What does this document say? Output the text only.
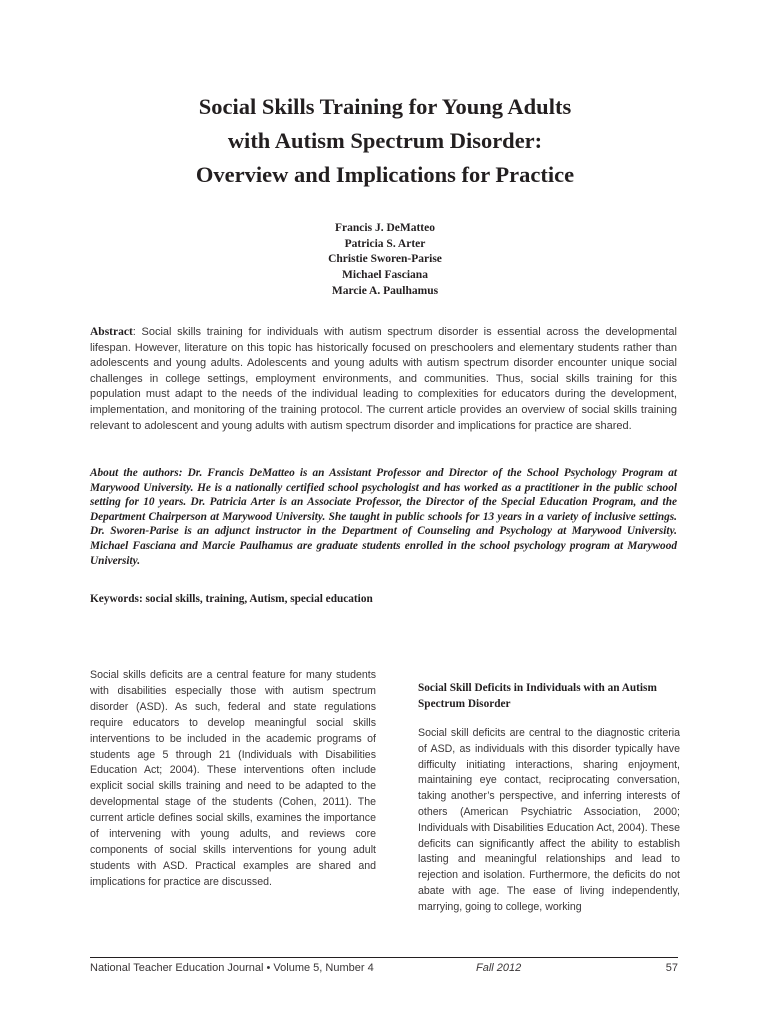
Social Skills Training for Young Adults
with Autism Spectrum Disorder:
Overview and Implications for Practice
Francis J. DeMatteo
Patricia S. Arter
Christie Sworen-Parise
Michael Fasciana
Marcie A. Paulhamus
Abstract: Social skills training for individuals with autism spectrum disorder is essential across the developmental lifespan. However, literature on this topic has historically focused on preschoolers and elementary students rather than adolescents and young adults. Adolescents and young adults with autism spectrum disorder encounter unique social challenges in college settings, employment environments, and communities. Thus, social skills training for this population must adapt to the needs of the individual leading to complexities for educators during the development, implementation, and monitoring of the training protocol. The current article provides an overview of social skills training relevant to adolescent and young adults with autism spectrum disorder and implications for practice are shared.
About the authors: Dr. Francis DeMatteo is an Assistant Professor and Director of the School Psychology Program at Marywood University. He is a nationally certified school psychologist and has worked as a practitioner in the public school setting for 10 years. Dr. Patricia Arter is an Associate Professor, the Director of the Special Education Program, and the Department Chairperson at Marywood University. She taught in public schools for 13 years in a variety of inclusive settings. Dr. Sworen-Parise is an adjunct instructor in the Department of Counseling and Psychology at Marywood University. Michael Fasciana and Marcie Paulhamus are graduate students enrolled in the school psychology program at Marywood University.
Keywords: social skills, training, Autism, special education
Social skills deficits are a central feature for many students with disabilities especially those with autism spectrum disorder (ASD). As such, federal and state regulations require educators to develop meaningful social skills interventions to be included in the academic programs of students age 5 through 21 (Individuals with Disabilities Education Act; 2004). These interventions often include explicit social skills training and need to be adapted to the developmental stage of the students (Cohen, 2011). The current article defines social skills, examines the importance of intervening with young adults, and reviews core components of social skills interventions for young adult students with ASD. Practical examples are shared and implications for practice are discussed.
Social Skill Deficits in Individuals with an Autism Spectrum Disorder
Social skill deficits are central to the diagnostic criteria of ASD, as individuals with this disorder typically have difficulty initiating interactions, sharing enjoyment, maintaining eye contact, reciprocating conversation, taking another’s perspective, and inferring interests of others (American Psychiatric Association, 2000; Individuals with Disabilities Education Act, 2004). These deficits can significantly affect the ability to establish lasting and meaningful relationships and lead to rejection and isolation. Furthermore, the deficits do not abate with age. The ease of living independently, marrying, going to college, working
National Teacher Education Journal • Volume 5, Number 4	Fall 2012	57
